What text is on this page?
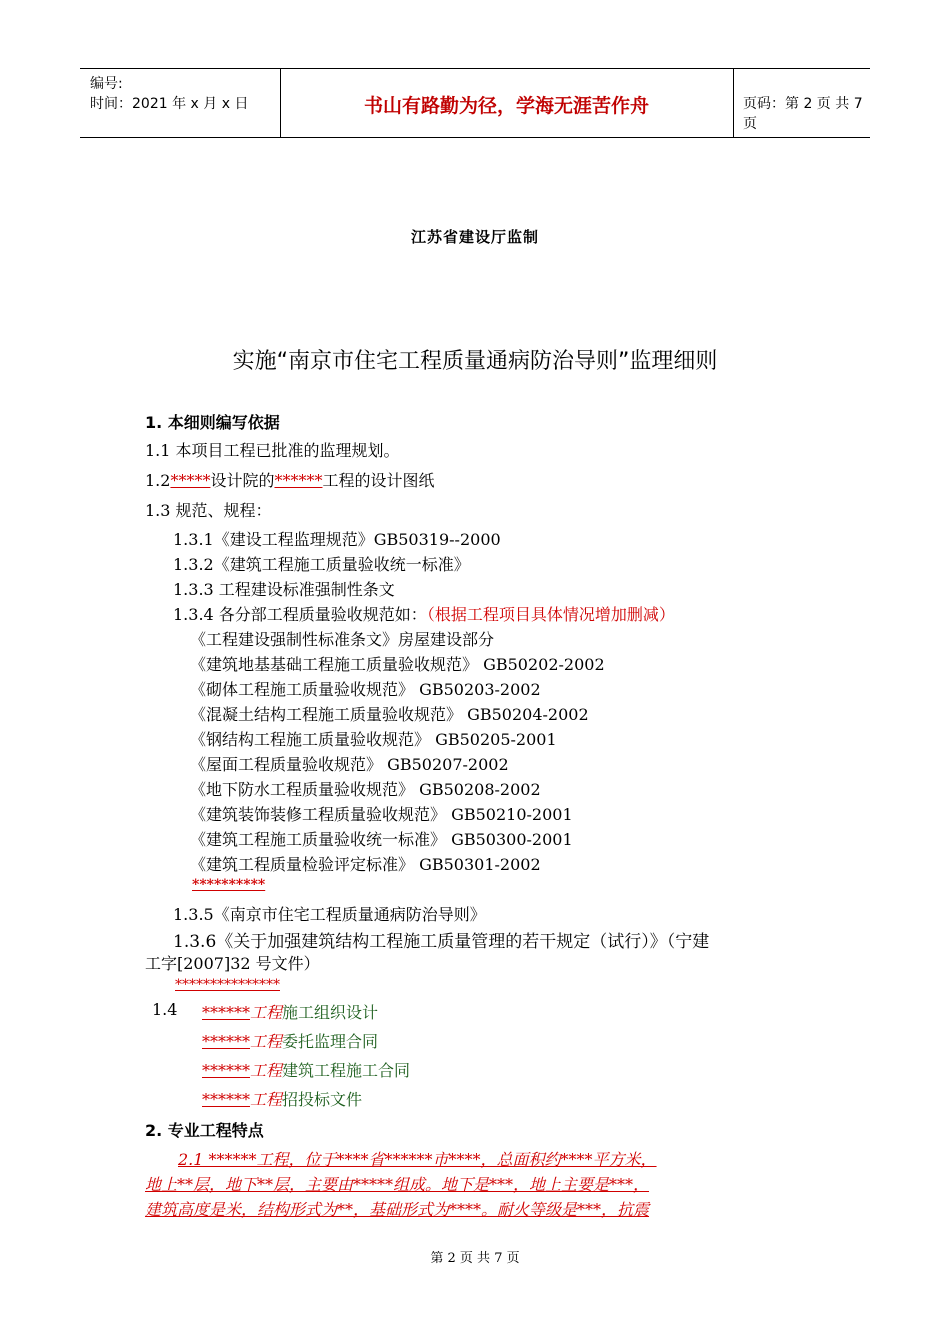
编号:
时间：2021 年 x 月 x 日	书山有路勤为径，学海无涯苦作舟	页码：第 2 页 共 7 页
江苏省建设厅监制
实施“南京市住宅工程质量通病防治导则”监理细则
1. 本细则编写依据
1.1 本项目工程已批准的监理规划。
1.2*****设计院的******工程的设计图纸
1.3 规范、规程：
1.3.1《建设工程监理规范》GB50319--2000
1.3.2《建筑工程施工质量验收统一标准》
1.3.3 工程建设标准强制性条文
1.3.4 各分部工程质量验收规范如：（根据工程项目具体情况增加删减）
《工程建设强制性标准条文》房屋建设部分
《建筑地基基础工程施工质量验收规范》 GB50202-2002
《砌体工程施工质量验收规范》 GB50203-2002
《混凝土结构工程施工质量验收规范》 GB50204-2002
《钢结构工程施工质量验收规范》 GB50205-2001
《屋面工程质量验收规范》 GB50207-2002
《地下防水工程质量验收规范》 GB50208-2002
《建筑装饰装修工程质量验收规范》 GB50210-2001
《建筑工程施工质量验收统一标准》 GB50300-2001
《建筑工程质量检验评定标准》 GB50301-2002
**********
1.3.5《南京市住宅工程质量通病防治导则》
1.3.6《关于加强建筑结构工程施工质量管理的若干规定（试行）》（宁建
工字[2007]32 号文件）
***************
1.4 ******工程施工组织设计
******工程委托监理合同
******工程建筑工程施工合同
******工程招投标文件
2. 专业工程特点
2.1 ******工程，位于****省******市****，总面积约****平方米，
地上**层，地下**层，主要由*****组成。地下是***，地上主要是***，
建筑高度是米，结构形式为**，基础形式为****。耐火等级是***，抗震
第 2 页 共 7 页
